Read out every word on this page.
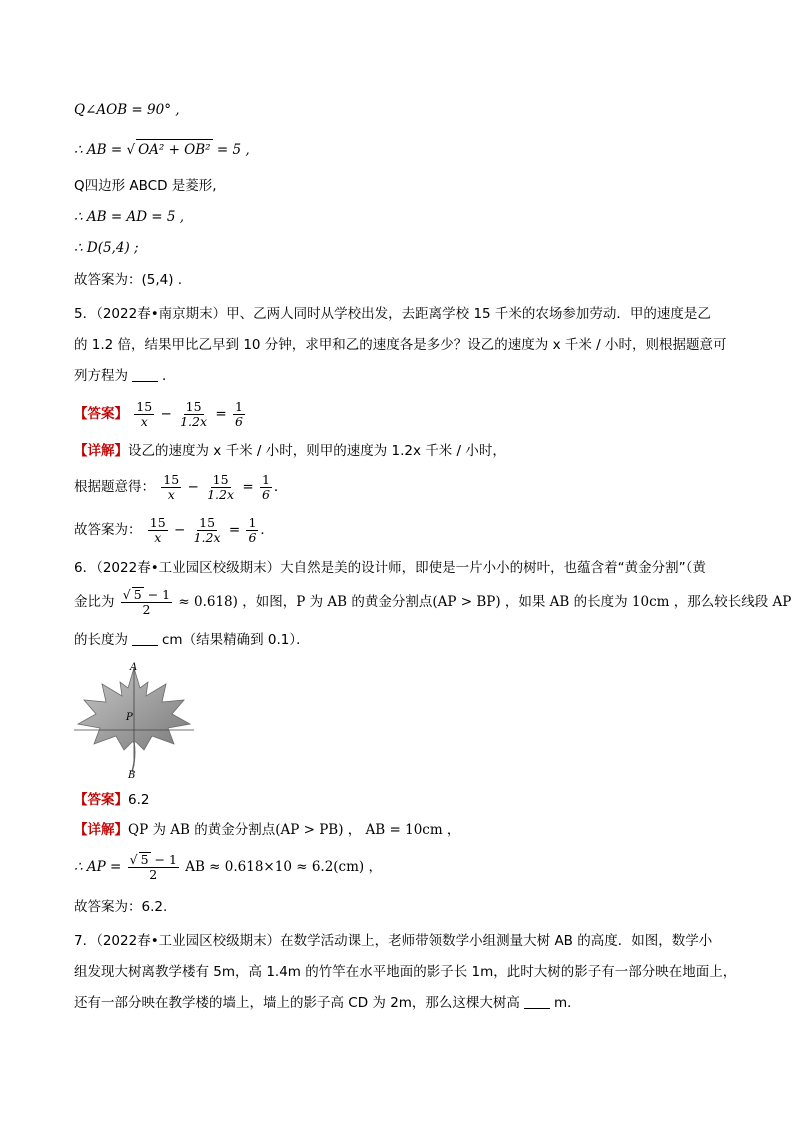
Q∠AOB = 90° ,
∴ AB = √ OA² + OB² = 5 ,
Q四边形 ABCD 是菱形,
∴ AB = AD = 5 ,
∴ D(5,4) ;
故答案为：(5,4) .
5．（2022春•南京期末）甲、乙两人同时从学校出发，去距离学校 15 千米的农场参加劳动．甲的速度是乙
的 1.2 倍，结果甲比乙早到 10 分钟，求甲和乙的速度各是多少？设乙的速度为 x 千米 / 小时，则根据题意可
列方程为	．
【答案】 $\frac{15}{x} - \frac{15}{1.2x} = \frac{1}{6}$
【详解】设乙的速度为 x 千米 / 小时，则甲的速度为 1.2x 千米 / 小时，
根据题意得： $\frac{15}{x} - \frac{15}{1.2x} = \frac{1}{6}$ ．
故答案为： $\frac{15}{x} - \frac{15}{1.2x} = \frac{1}{6}$ ．
6．（2022春•工业园区校级期末）大自然是美的设计师，即使是一片小小的树叶，也蕴含着“黄金分割”（黄
金比为 $\frac{√ 5 - 1}{2} \approx 0.618$) ，如图，P 为 AB 的黄金分割点(AP > BP) ，如果 AB 的长度为 10cm ，那么较长线段 AP
的长度为	cm（结果精确到 0.1）．
A
P
B
【答案】6.2
【详解】QP 为 AB 的黄金分割点(AP > PB) ， AB = 10cm ，
∴ AP = $\frac{√ 5 - 1}{2}$ AB ≈ 0.618×10 ≈ 6.2(cm) ，
故答案为：6.2.
7．（2022春•工业园区校级期末）在数学活动课上，老师带领数学小组测量大树 AB 的高度．如图，数学小
组发现大树离教学楼有 5m，高 1.4m 的竹竿在水平地面的影子长 1m，此时大树的影子有一部分映在地面上，
还有一部分映在教学楼的墙上，墙上的影子高 CD 为 2m，那么这棵大树高	m．
